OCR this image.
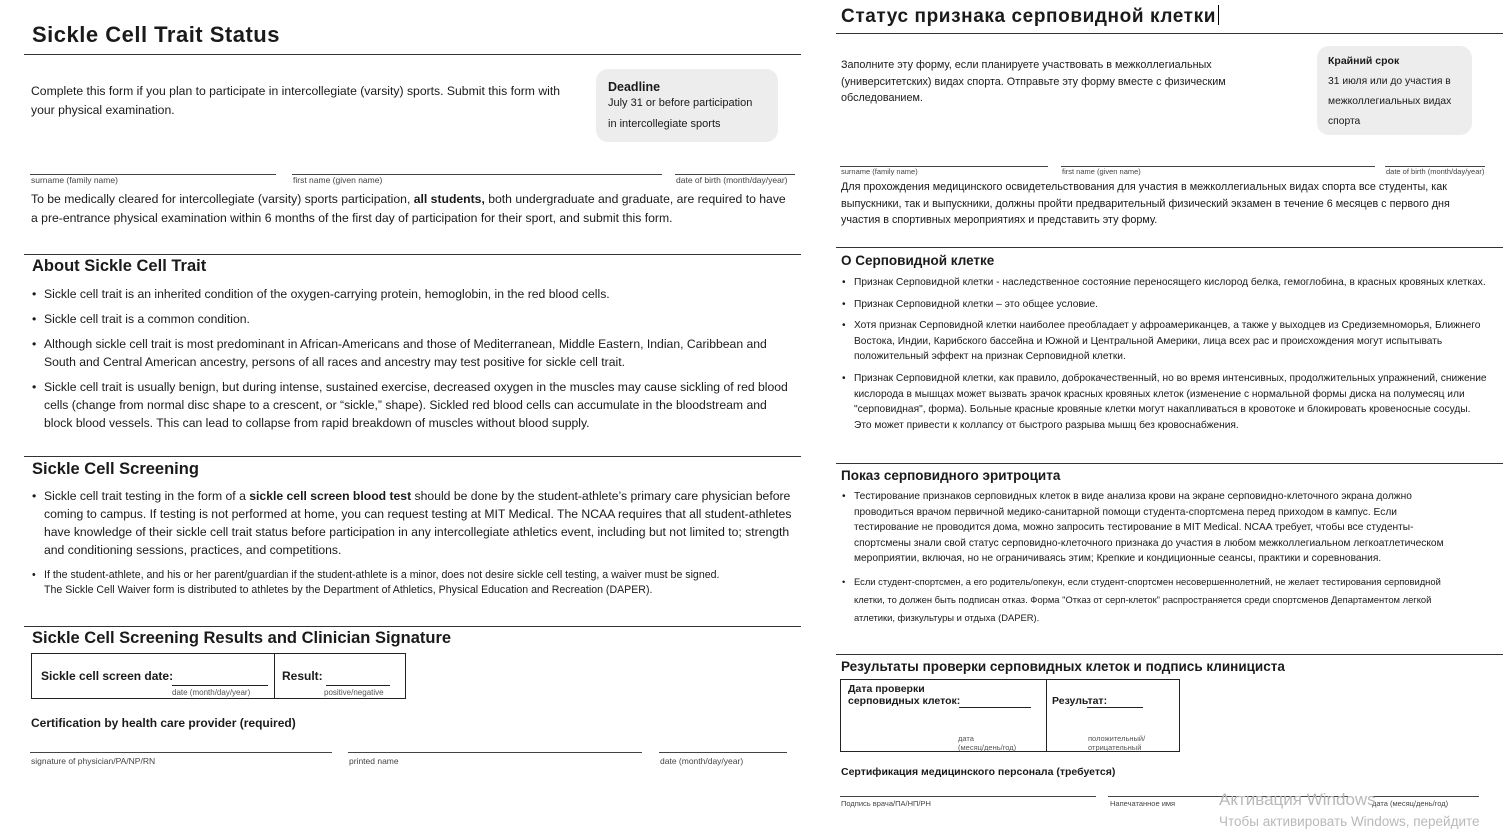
Sickle Cell Trait Status
Complete this form if you plan to participate in intercollegiate (varsity) sports. Submit this form with your physical examination.
Deadline
July 31 or before participation
in intercollegiate sports
surname (family name)	first name (given name)	date of birth (month/day/year)
To be medically cleared for intercollegiate (varsity) sports participation, all students, both undergraduate and graduate, are required to have a pre-entrance physical examination within 6 months of the first day of participation for their sport, and submit this form.
About Sickle Cell Trait
• Sickle cell trait is an inherited condition of the oxygen-carrying protein, hemoglobin, in the red blood cells.
• Sickle cell trait is a common condition.
• Although sickle cell trait is most predominant in African-Americans and those of Mediterranean, Middle Eastern, Indian, Caribbean and South and Central American ancestry, persons of all races and ancestry may test positive for sickle cell trait.
• Sickle cell trait is usually benign, but during intense, sustained exercise, decreased oxygen in the muscles may cause sickling of red blood cells (change from normal disc shape to a crescent, or “sickle,” shape). Sickled red blood cells can accumulate in the bloodstream and block blood vessels. This can lead to collapse from rapid breakdown of muscles without blood supply.
Sickle Cell Screening
• Sickle cell trait testing in the form of a sickle cell screen blood test should be done by the student-athlete’s primary care physician before coming to campus. If testing is not performed at home, you can request testing at MIT Medical. The NCAA requires that all student-athletes have knowledge of their sickle cell trait status before participation in any intercollegiate athletics event, including but not limited to; strength and conditioning sessions, practices, and competitions.
• If the student-athlete, and his or her parent/guardian if the student-athlete is a minor, does not desire sickle cell testing, a waiver must be signed.
The Sickle Cell Waiver form is distributed to athletes by the Department of Athletics, Physical Education and Recreation (DAPER).
Sickle Cell Screening Results and Clinician Signature
Sickle cell screen date:
date (month/day/year)
Result:
positive/negative
Certification by health care provider (required)
signature of physician/PA/NP/RN	printed name	date (month/day/year)
Статус признака серповидной клетки
Заполните эту форму, если планируете участвовать в межколлегиальных (университетских) видах спорта. Отправьте эту форму вместе с физическим обследованием.
Крайний срок
31 июля или до участия в
межколлегиальных видах
спорта
surname (family name)	first name (given name)	date of birth (month/day/year)
Для прохождения медицинского освидетельствования для участия в межколлегиальных видах спорта все студенты, как выпускники, так и выпускники, должны пройти предварительный физический экзамен в течение 6 месяцев с первого дня участия в спортивных мероприятиях и представить эту форму.
О Серповидной клетке
• Признак Серповидной клетки - наследственное состояние переносящего кислород белка, гемоглобина, в красных кровяных клетках.
• Признак Серповидной клетки – это общее условие.
• Хотя признак Серповидной клетки наиболее преобладает у афроамериканцев, а также у выходцев из Средиземноморья, Ближнего Востока, Индии, Карибского бассейна и Южной и Центральной Америки, лица всех рас и происхождения могут испытывать положительный эффект на признак Серповидной клетки.
• Признак Серповидной клетки, как правило, доброкачественный, но во время интенсивных, продолжительных упражнений, снижение кислорода в мышцах может вызвать зрачок красных кровяных клеток (изменение с нормальной формы диска на полумесяц или "серповидная", форма). Больные красные кровяные клетки могут накапливаться в кровотоке и блокировать кровеносные сосуды. Это может привести к коллапсу от быстрого разрыва мышц без кровоснабжения.
Показ серповидного эритроцита
• Тестирование признаков серповидных клеток в виде анализа крови на экране серповидно-клеточного экрана должно проводиться врачом первичной медико-санитарной помощи студента-спортсмена перед приходом в кампус. Если тестирование не проводится дома, можно запросить тестирование в MIT Medical. NCAA требует, чтобы все студенты-спортсмены знали свой статус серповидно-клеточного признака до участия в любом межколлегиальном легкоатлетическом мероприятии, включая, но не ограничиваясь этим; Крепкие и кондиционные сеансы, практики и соревнования.
• Если студент-спортсмен, а его родитель/опекун, если студент-спортсмен несовершеннолетний, не желает тестирования серповидной клетки, то должен быть подписан отказ. Форма "Отказ от серп-клеток" распространяется среди спортсменов Департаментом легкой атлетики, физкультуры и отдыха (DAPER).
Результаты проверки серповидных клеток и подпись клинициста
Дата проверки
серповидных клеток:
дата
(месяц/день/год)
Результат:
положительный/
отрицательный
Сертификация медицинского персонала (требуется)
Подпись врача/ПА/НП/РН	Напечатанное имя	дата (месяц/день/год)
Активация Windows
Чтобы активировать Windows, перейдите
